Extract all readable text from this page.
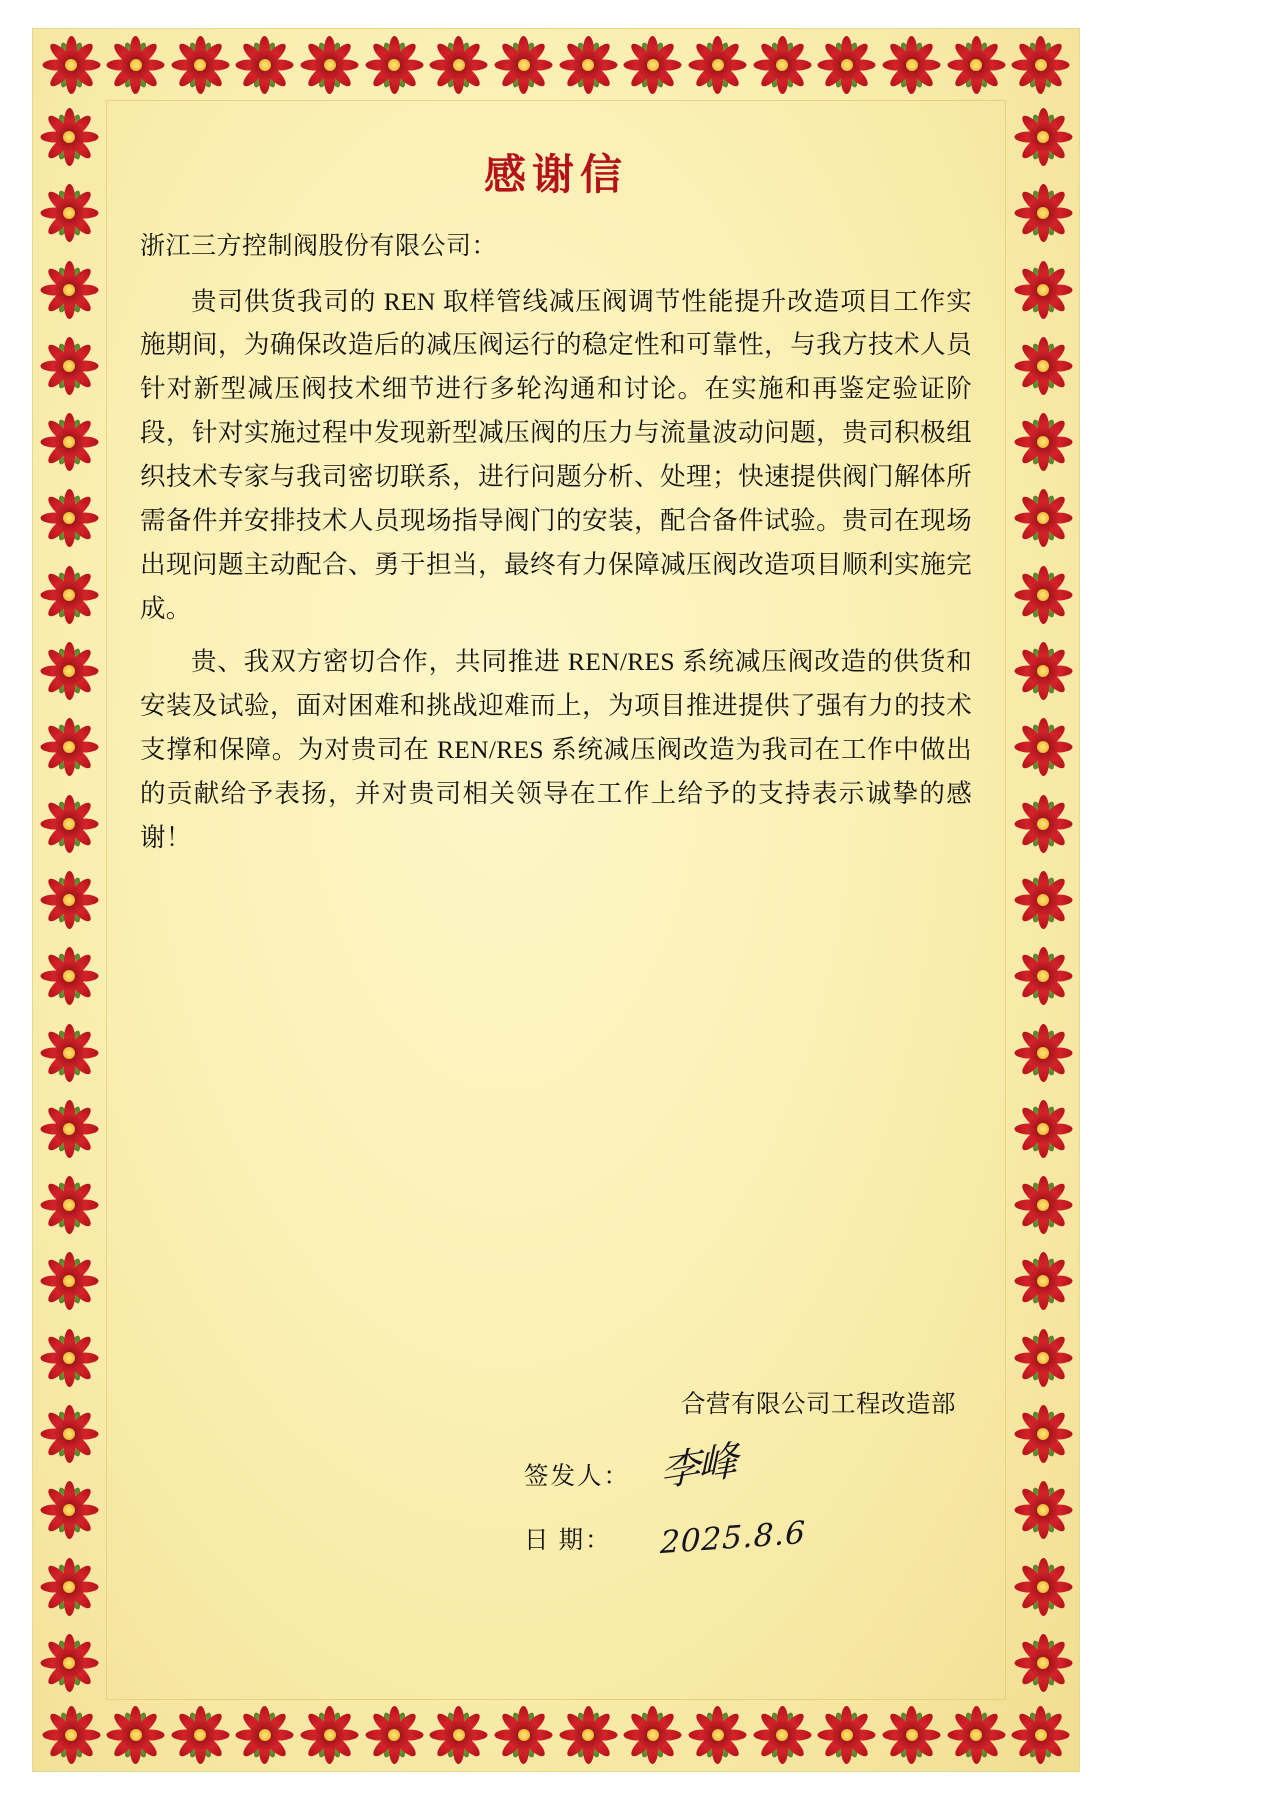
感谢信
浙江三方控制阀股份有限公司：

贵司供货我司的 REN 取样管线减压阀调节性能提升改造项目工作实施期间，为确保改造后的减压阀运行的稳定性和可靠性，与我方技术人员针对新型减压阀技术细节进行多轮沟通和讨论。在实施和再鉴定验证阶段，针对实施过程中发现新型减压阀的压力与流量波动问题，贵司积极组织技术专家与我司密切联系，进行问题分析、处理；快速提供阀门解体所需备件并安排技术人员现场指导阀门的安装，配合备件试验。贵司在现场出现问题主动配合、勇于担当，最终有力保障减压阀改造项目顺利实施完成。

贵、我双方密切合作，共同推进 REN/RES 系统减压阀改造的供货和安装及试验，面对困难和挑战迎难而上，为项目推进提供了强有力的技术支撑和保障。为对贵司在 REN/RES 系统减压阀改造为我司在工作中做出的贡献给予表扬，并对贵司相关领导在工作上给予的支持表示诚挚的感谢！

合营有限公司工程改造部
签发人： 李峰
日 期：	2025.8.6
